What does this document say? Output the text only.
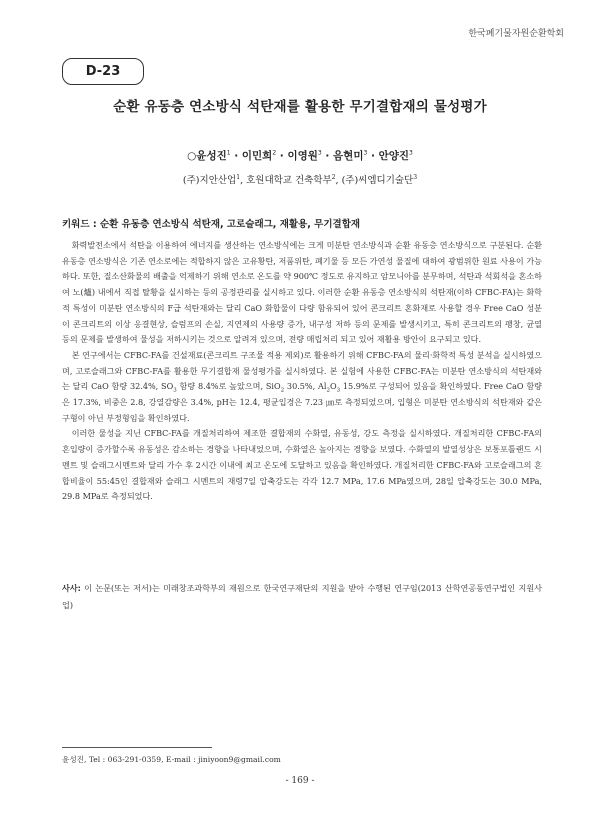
한국폐기물자원순환학회
D-23
순환 유동층 연소방식 석탄재를 활용한 무기결합재의 물성평가
○윤성진$^1$ · 이민희$^2$ · 이영원$^3$ · 음현미$^3$ · 안양진$^3$
(주)지안산업$^1$, 호원대학교 건축학부$^2$, (주)씨엠디기술단$^3$
키워드 : 순환 유동층 연소방식 석탄재, 고로슬래그, 재활용, 무기결합재

화력발전소에서 석탄을 이용하여 에너지를 생산하는 연소방식에는 크게 미분탄 연소방식과 순환 유동층 연소방식으로 구분된다. 순환 유동층 연소방식은 기존 연소로에는 적합하지 않은 고유황탄, 저품위탄, 폐기물 등 모든 가연성 물질에 대하여 광범위한 원료 사용이 가능하다. 또한, 질소산화물의 배출을 억제하기 위해 연소로 온도를 약 900℃ 정도로 유지하고 암모니아를 분무하며, 석탄과 석회석을 혼소하여 노(爐) 내에서 직접 탈황을 실시하는 등의 공정관리를 실시하고 있다. 이러한 순환 유동층 연소방식의 석탄재(이하 CFBC-FA)는 화학적 특성이 미분탄 연소방식의 F급 석탄재와는 달리 CaO 화합물이 다량 함유되어 있어 콘크리트 혼화재로 사용할 경우 Free CaO 성분이 콘크리트의 이상 응결현상, 슬럼프의 손실, 지연제의 사용량 증가, 내구성 저하 등의 문제를 발생시키고, 특히 콘크리트의 팽창, 균열 등의 문제를 발생하여 물성을 저하시키는 것으로 알려져 있으며, 전량 매립처리 되고 있어 재활용 방안이 요구되고 있다.

본 연구에서는 CFBC-FA를 건설재료(콘크리트 구조물 적용 제외)로 활용하기 위해 CFBC-FA의 물리·화학적 특성 분석을 실시하였으며, 고로슬래그와 CFBC-FA를 활용한 무기결합재 물성평가를 실시하였다. 본 실험에 사용한 CFBC-FA는 미분탄 연소방식의 석탄재와는 달리 CaO 함량 32.4%, $SO_3$ 함량 8.4%로 높았으며, SiO$_2$ 30.5%, $Al_2O_3$ 15.9%로 구성되어 있음을 확인하였다. Free CaO 함량은 17.3%, 비중은 2.8, 강열감량은 3.4%, pH는 12.4, 평균입경은 7.23 ㎛로 측정되었으며, 입형은 미분탄 연소방식의 석탄재와 같은 구형이 아닌 부정형임을 확인하였다.

이러한 물성을 지닌 CFBC-FA를 개질처리하여 제조한 결합재의 수화열, 유동성, 강도 측정을 실시하였다. 개질처리한 CFBC-FA의 혼입량이 증가할수록 유동성은 감소하는 경향을 나타내었으며, 수화열은 높아지는 경향을 보였다. 수화열의 발열성상은 보통포틀랜드 시멘트 및 슬래그시멘트와 달리 가수 후 2시간 이내에 최고 온도에 도달하고 있음을 확인하였다. 개질처리한 CFBC-FA와 고로슬래그의 혼합비율이 55:45인 결합재와 슬래그 시멘트의 재령7일 압축강도는 각각 12.7 MPa, 17.6 MPa였으며, 28일 압축강도는 30.0 MPa, 29.8 MPa로 측정되었다.

사사: 이 논문(또는 저서)는 미래창조과학부의 재원으로 한국연구재단의 지원을 받아 수행된 연구임(2013 산학연공동연구법인 지원사업)
윤성진, Tel : 063-291-0359, E-mail : jiniyoon9@gmail.com
- 169 -
